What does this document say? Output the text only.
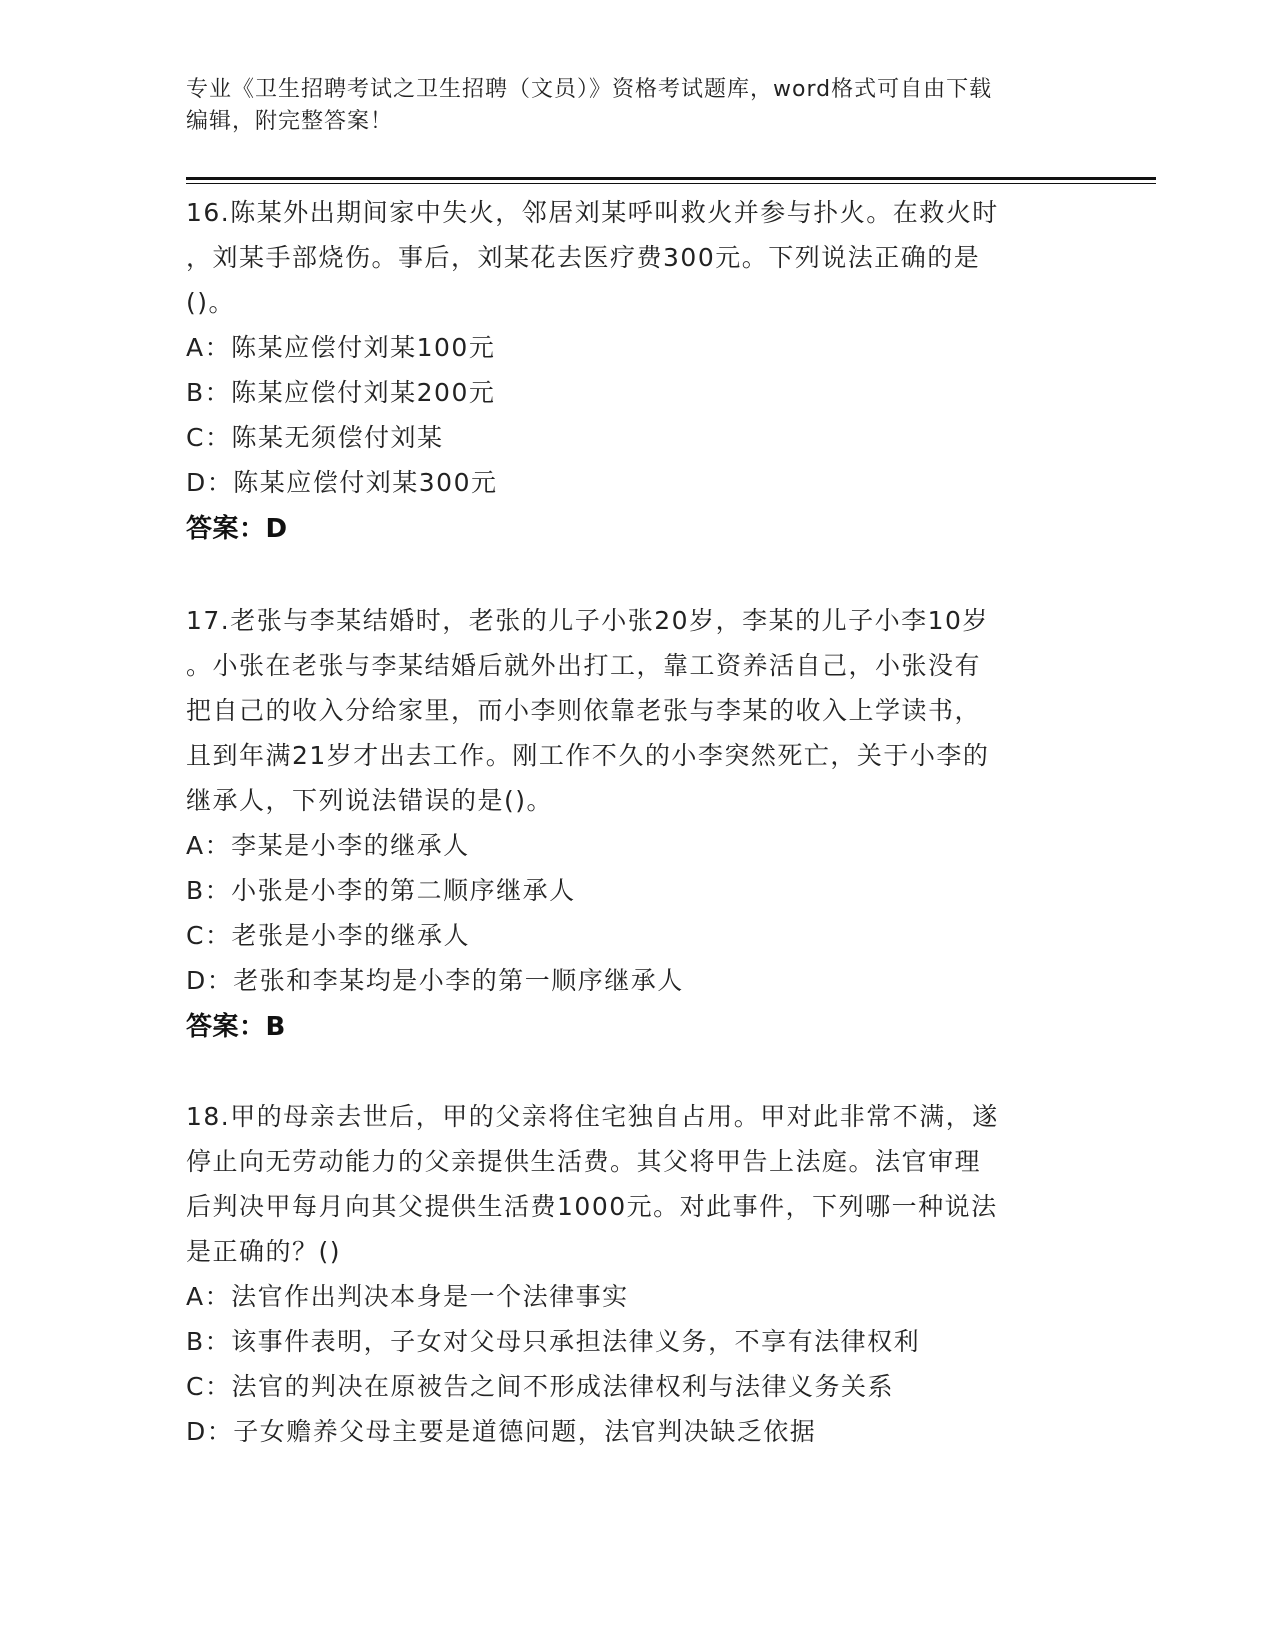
专业《卫生招聘考试之卫生招聘（文员）》资格考试题库，word格式可自由下载
编辑，附完整答案！
16.陈某外出期间家中失火，邻居刘某呼叫救火并参与扑火。在救火时
，刘某手部烧伤。事后，刘某花去医疗费300元。下列说法正确的是
()。
A：陈某应偿付刘某100元
B：陈某应偿付刘某200元
C：陈某无须偿付刘某
D：陈某应偿付刘某300元
答案：D
17.老张与李某结婚时，老张的儿子小张20岁，李某的儿子小李10岁
。小张在老张与李某结婚后就外出打工，靠工资养活自己，小张没有
把自己的收入分给家里，而小李则依靠老张与李某的收入上学读书，
且到年满21岁才出去工作。刚工作不久的小李突然死亡，关于小李的
继承人，下列说法错误的是()。
A：李某是小李的继承人
B：小张是小李的第二顺序继承人
C：老张是小李的继承人
D：老张和李某均是小李的第一顺序继承人
答案：B
18.甲的母亲去世后，甲的父亲将住宅独自占用。甲对此非常不满，遂
停止向无劳动能力的父亲提供生活费。其父将甲告上法庭。法官审理
后判决甲每月向其父提供生活费1000元。对此事件，下列哪一种说法
是正确的？()
A：法官作出判决本身是一个法律事实
B：该事件表明，子女对父母只承担法律义务，不享有法律权利
C：法官的判决在原被告之间不形成法律权利与法律义务关系
D：子女赡养父母主要是道德问题，法官判决缺乏依据
